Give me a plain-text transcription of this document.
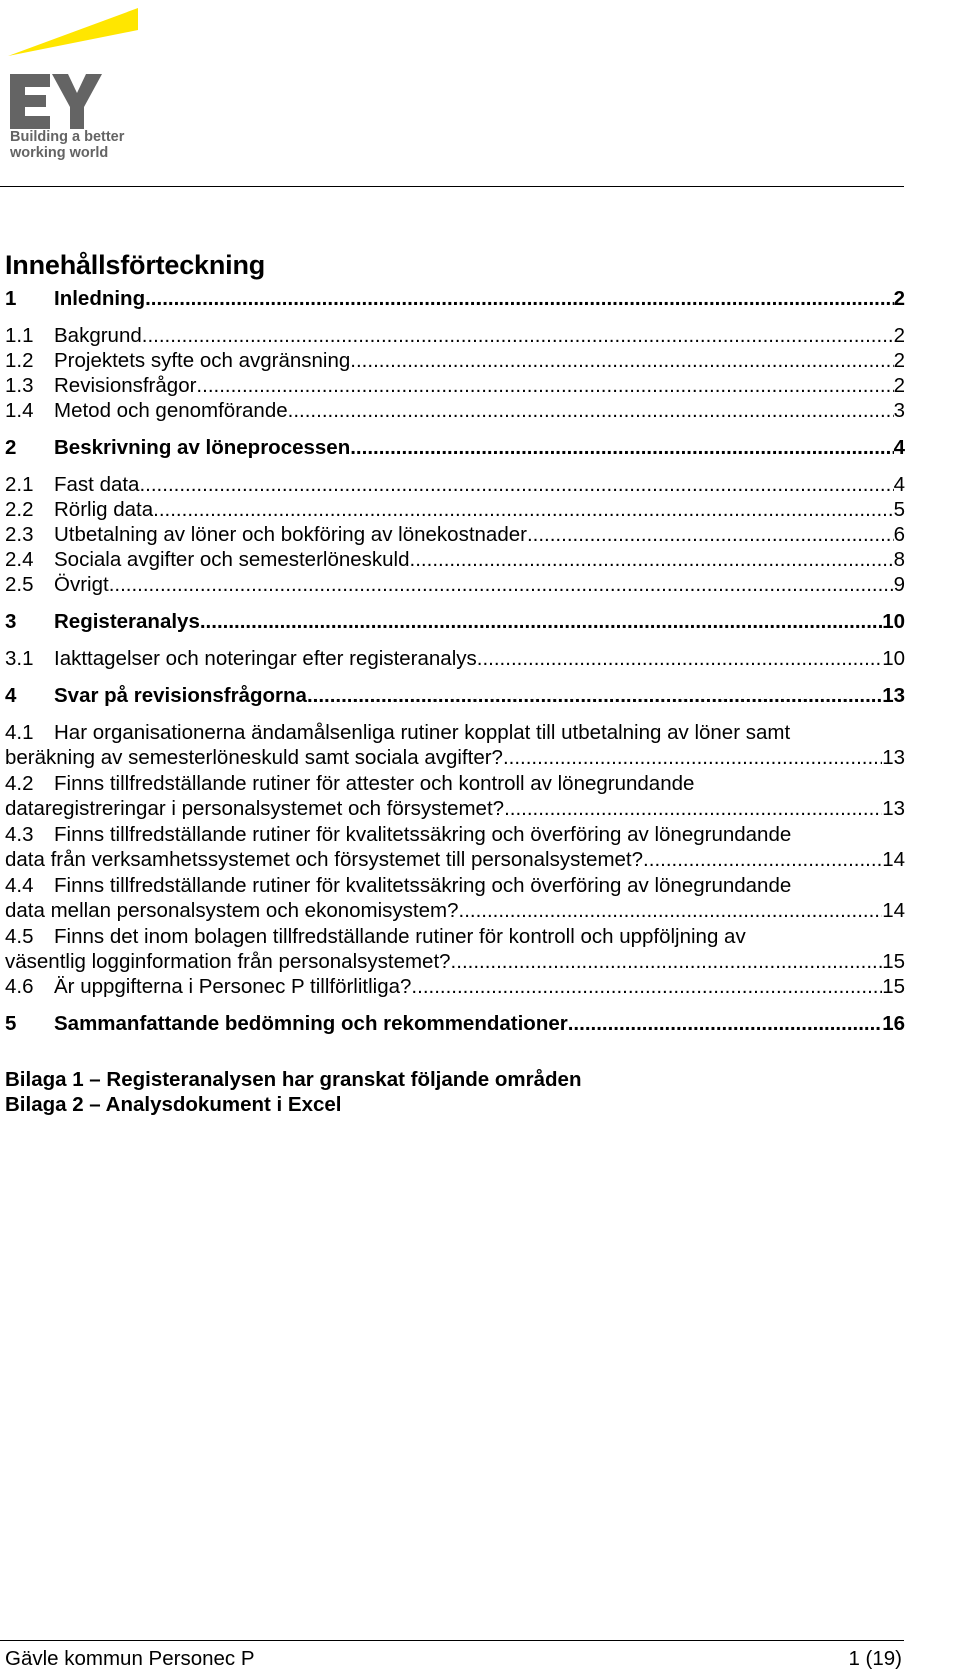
Building a better
working world
Innehållsförteckning
1	Inledning .....	2
1.1	Bakgrund .....	2
1.2	Projektets syfte och avgränsning .....	2
1.3	Revisionsfrågor .....	2
1.4	Metod och genomförande .....	3
2	Beskrivning av löneprocessen .....	4
2.1	Fast data .....	4
2.2	Rörlig data .....	5
2.3	Utbetalning av löner och bokföring av lönekostnader .....	6
2.4	Sociala avgifter och semesterlöneskuld .....	8
2.5	Övrigt .....	9
3	Registeranalys .....	10
3.1	Iakttagelser och noteringar efter registeranalys .....	10
4	Svar på revisionsfrågorna .....	13
4.1 Har organisationerna ändamålsenliga rutiner kopplat till utbetalning av löner samt
beräkning av semesterlöneskuld samt sociala avgifter? .....	13
4.2 Finns tillfredställande rutiner för attester och kontroll av lönegrundande
dataregistreringar i personalsystemet och försystemet? .....	13
4.3 Finns tillfredställande rutiner för kvalitetssäkring och överföring av lönegrundande
data från verksamhetssystemet och försystemet till personalsystemet? .....	14
4.4 Finns tillfredställande rutiner för kvalitetssäkring och överföring av lönegrundande
data mellan personalsystem och ekonomisystem? .....	14
4.5 Finns det inom bolagen tillfredställande rutiner för kontroll och uppföljning av
väsentlig logginformation från personalsystemet? .....	15
4.6	Är uppgifterna i Personec P tillförlitliga? .....	15
5	Sammanfattande bedömning och rekommendationer .....	16
Bilaga 1 – Registeranalysen har granskat följande områden
Bilaga 2 – Analysdokument i Excel
Gävle kommun Personec P	1 (19)
